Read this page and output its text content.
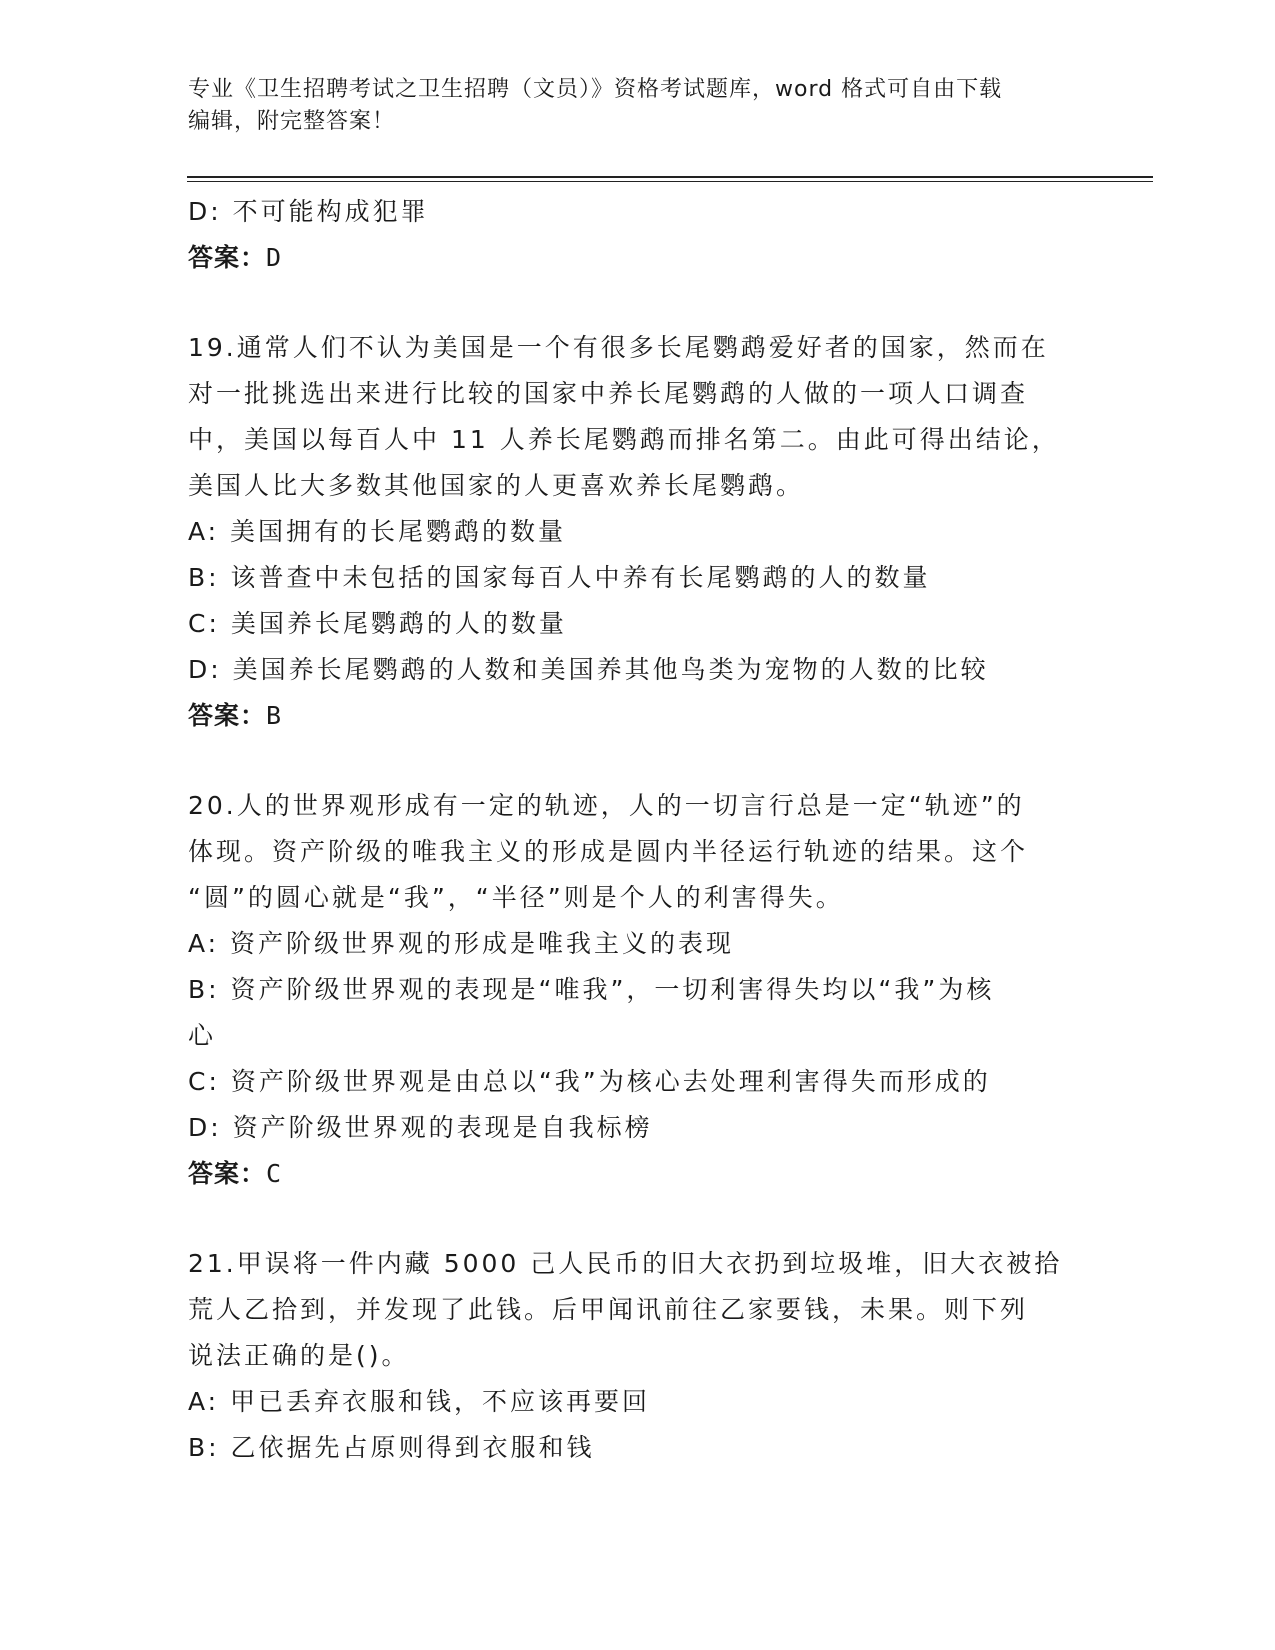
专业《卫生招聘考试之卫生招聘（文员）》资格考试题库，word 格式可自由下载
编辑，附完整答案！

D: 不可能构成犯罪

答案：D

19.通常人们不认为美国是一个有很多长尾鹦鹉爱好者的国家，然而在

对一批挑选出来进行比较的国家中养长尾鹦鹉的人做的一项人口调查

中，美国以每百人中 11 人养长尾鹦鹉而排名第二。由此可得出结论，

美国人比大多数其他国家的人更喜欢养长尾鹦鹉。

A: 美国拥有的长尾鹦鹉的数量

B: 该普查中未包括的国家每百人中养有长尾鹦鹉的人的数量

C: 美国养长尾鹦鹉的人的数量

D: 美国养长尾鹦鹉的人数和美国养其他鸟类为宠物的人数的比较

答案：B

20.人的世界观形成有一定的轨迹，人的一切言行总是一定“轨迹”的

体现。资产阶级的唯我主义的形成是圆内半径运行轨迹的结果。这个

“圆”的圆心就是“我”，“半径”则是个人的利害得失。

A: 资产阶级世界观的形成是唯我主义的表现

B: 资产阶级世界观的表现是“唯我”，一切利害得失均以“我”为核

心

C: 资产阶级世界观是由总以“我”为核心去处理利害得失而形成的

D: 资产阶级世界观的表现是自我标榜

答案：C

21.甲误将一件内藏 5000 己人民币的旧大衣扔到垃圾堆，旧大衣被拾

荒人乙拾到，并发现了此钱。后甲闻讯前往乙家要钱，未果。则下列

说法正确的是()。

A: 甲已丢弃衣服和钱，不应该再要回

B: 乙依据先占原则得到衣服和钱
